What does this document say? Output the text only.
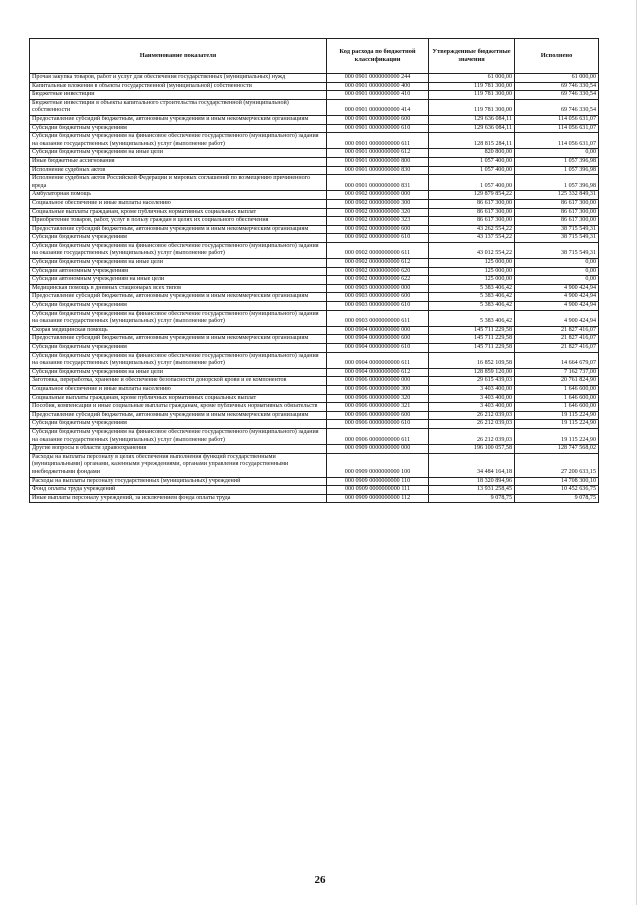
Наименование показателя	Код расхода по бюджетной классификации	Утвержденные бюджетные значения	Исполнено
Прочая закупка товаров, работ и услуг для обеспечения государственных (муниципальных) нужд	000 0901 0000000000 244	61 000,00	61 000,00
Капитальные вложения в объекты государственной (муниципальной) собственности	000 0901 0000000000 400	119 781 300,00	69 746 330,54
Бюджетные инвестиции	000 0901 0000000000 410	119 781 300,00	69 746 330,54
Бюджетные инвестиции в объекты капитального строительства государственной (муниципальной) собственности	000 0901 0000000000 414	119 781 300,00	69 746 330,54
Предоставление субсидий бюджетным, автономным учреждениям и иным некоммерческим организациям	000 0901 0000000000 600	129 636 084,11	114 056 631,07
Субсидии бюджетным учреждениям	000 0901 0000000000 610	129 636 084,11	114 056 631,07
Субсидии бюджетным учреждениям на финансовое обеспечение государственного (муниципального) задания на оказание государственных (муниципальных) услуг (выполнение работ)	000 0901 0000000000 611	128 815 284,11	114 056 631,07
Субсидии бюджетным учреждениям на иные цели	000 0901 0000000000 612	820 800,00	0,00
Иные бюджетные ассигнования	000 0901 0000000000 800	1 057 400,00	1 057 396,98
Исполнение судебных актов	000 0901 0000000000 830	1 057 400,00	1 057 396,98
Исполнение судебных актов Российской Федерации и мировых соглашений по возмещению причиненного вреда	000 0901 0000000000 831	1 057 400,00	1 057 396,98
Амбулаторная помощь	000 0902 0000000000 000	129 879 854,22	125 332 849,31
Социальное обеспечение и иные выплаты населению	000 0902 0000000000 300	86 617 300,00	86 617 300,00
Социальные выплаты гражданам, кроме публичных нормативных социальных выплат	000 0902 0000000000 320	86 617 300,00	86 617 300,00
Приобретение товаров, работ, услуг в пользу граждан в целях их социального обеспечения	000 0902 0000000000 323	86 617 300,00	86 617 300,00
Предоставление субсидий бюджетным, автономным учреждениям и иным некоммерческим организациям	000 0902 0000000000 600	43 262 554,22	38 715 549,31
Субсидии бюджетным учреждениям	000 0902 0000000000 610	43 137 554,22	38 715 549,31
Субсидии бюджетным учреждениям на финансовое обеспечение государственного (муниципального) задания на оказание государственных (муниципальных) услуг (выполнение работ)	000 0902 0000000000 611	43 012 554,22	38 715 549,31
Субсидии бюджетным учреждениям на иные цели	000 0902 0000000000 612	125 000,00	0,00
Субсидии автономным учреждениям	000 0902 0000000000 620	125 000,00	0,00
Субсидии автономным учреждениям на иные цели	000 0902 0000000000 622	125 000,00	0,00
Медицинская помощь в дневных стационарах всех типов	000 0903 0000000000 000	5 383 406,42	4 900 424,94
Предоставление субсидий бюджетным, автономным учреждениям и иным некоммерческим организациям	000 0903 0000000000 600	5 383 406,42	4 900 424,94
Субсидии бюджетным учреждениям	000 0903 0000000000 610	5 383 406,42	4 900 424,94
Субсидии бюджетным учреждениям на финансовое обеспечение государственного (муниципального) задания на оказание государственных (муниципальных) услуг (выполнение работ)	000 0903 0000000000 611	5 383 406,42	4 900 424,94
Скорая медицинская помощь	000 0904 0000000000 000	145 711 229,58	21 827 416,07
Предоставление субсидий бюджетным, автономным учреждениям и иным некоммерческим организациям	000 0904 0000000000 600	145 711 229,58	21 827 416,07
Субсидии бюджетным учреждениям	000 0904 0000000000 610	145 711 229,58	21 827 416,07
Субсидии бюджетным учреждениям на финансовое обеспечение государственного (муниципального) задания на оказание государственных (муниципальных) услуг (выполнение работ)	000 0904 0000000000 611	16 852 109,58	14 664 679,07
Субсидии бюджетным учреждениям на иные цели	000 0904 0000000000 612	128 859 120,00	7 162 737,00
Заготовка, переработка, хранение и обеспечение безопасности донорской крови и ее компонентов	000 0906 0000000000 000	29 615 439,03	20 761 824,90
Социальное обеспечение и иные выплаты населению	000 0906 0000000000 300	3 403 400,00	1 646 600,00
Социальные выплаты гражданам, кроме публичных нормативных социальных выплат	000 0906 0000000000 320	3 403 400,00	1 646 600,00
Пособия, компенсации и иные социальные выплаты гражданам, кроме публичных нормативных обязательств	000 0906 0000000000 321	3 403 400,00	1 646 600,00
Предоставление субсидий бюджетным, автономным учреждениям и иным некоммерческим организациям	000 0906 0000000000 600	26 212 039,03	19 115 224,90
Субсидии бюджетным учреждениям	000 0906 0000000000 610	26 212 039,03	19 115 224,90
Субсидии бюджетным учреждениям на финансовое обеспечение государственного (муниципального) задания на оказание государственных (муниципальных) услуг (выполнение работ)	000 0906 0000000000 611	26 212 039,03	19 115 224,90
Другие вопросы в области здравоохранения	000 0909 0000000000 000	196 100 057,58	128 747 568,02
Расходы на выплаты персоналу в целях обеспечения выполнения функций государственными (муниципальными) органами, казенными учреждениями, органами управления государственными внебюджетными фондами	000 0909 0000000000 100	34 484 164,18	27 200 633,15
Расходы на выплаты персоналу государственных (муниципальных) учреждений	000 0909 0000000000 110	18 320 894,96	14 708 300,10
Фонд оплаты труда учреждений	000 0909 0000000000 111	13 931 258,45	10 452 636,75
Иные выплаты персоналу учреждений, за исключением фонда оплаты труда	000 0909 0000000000 112	9 078,75	9 078,75
26
